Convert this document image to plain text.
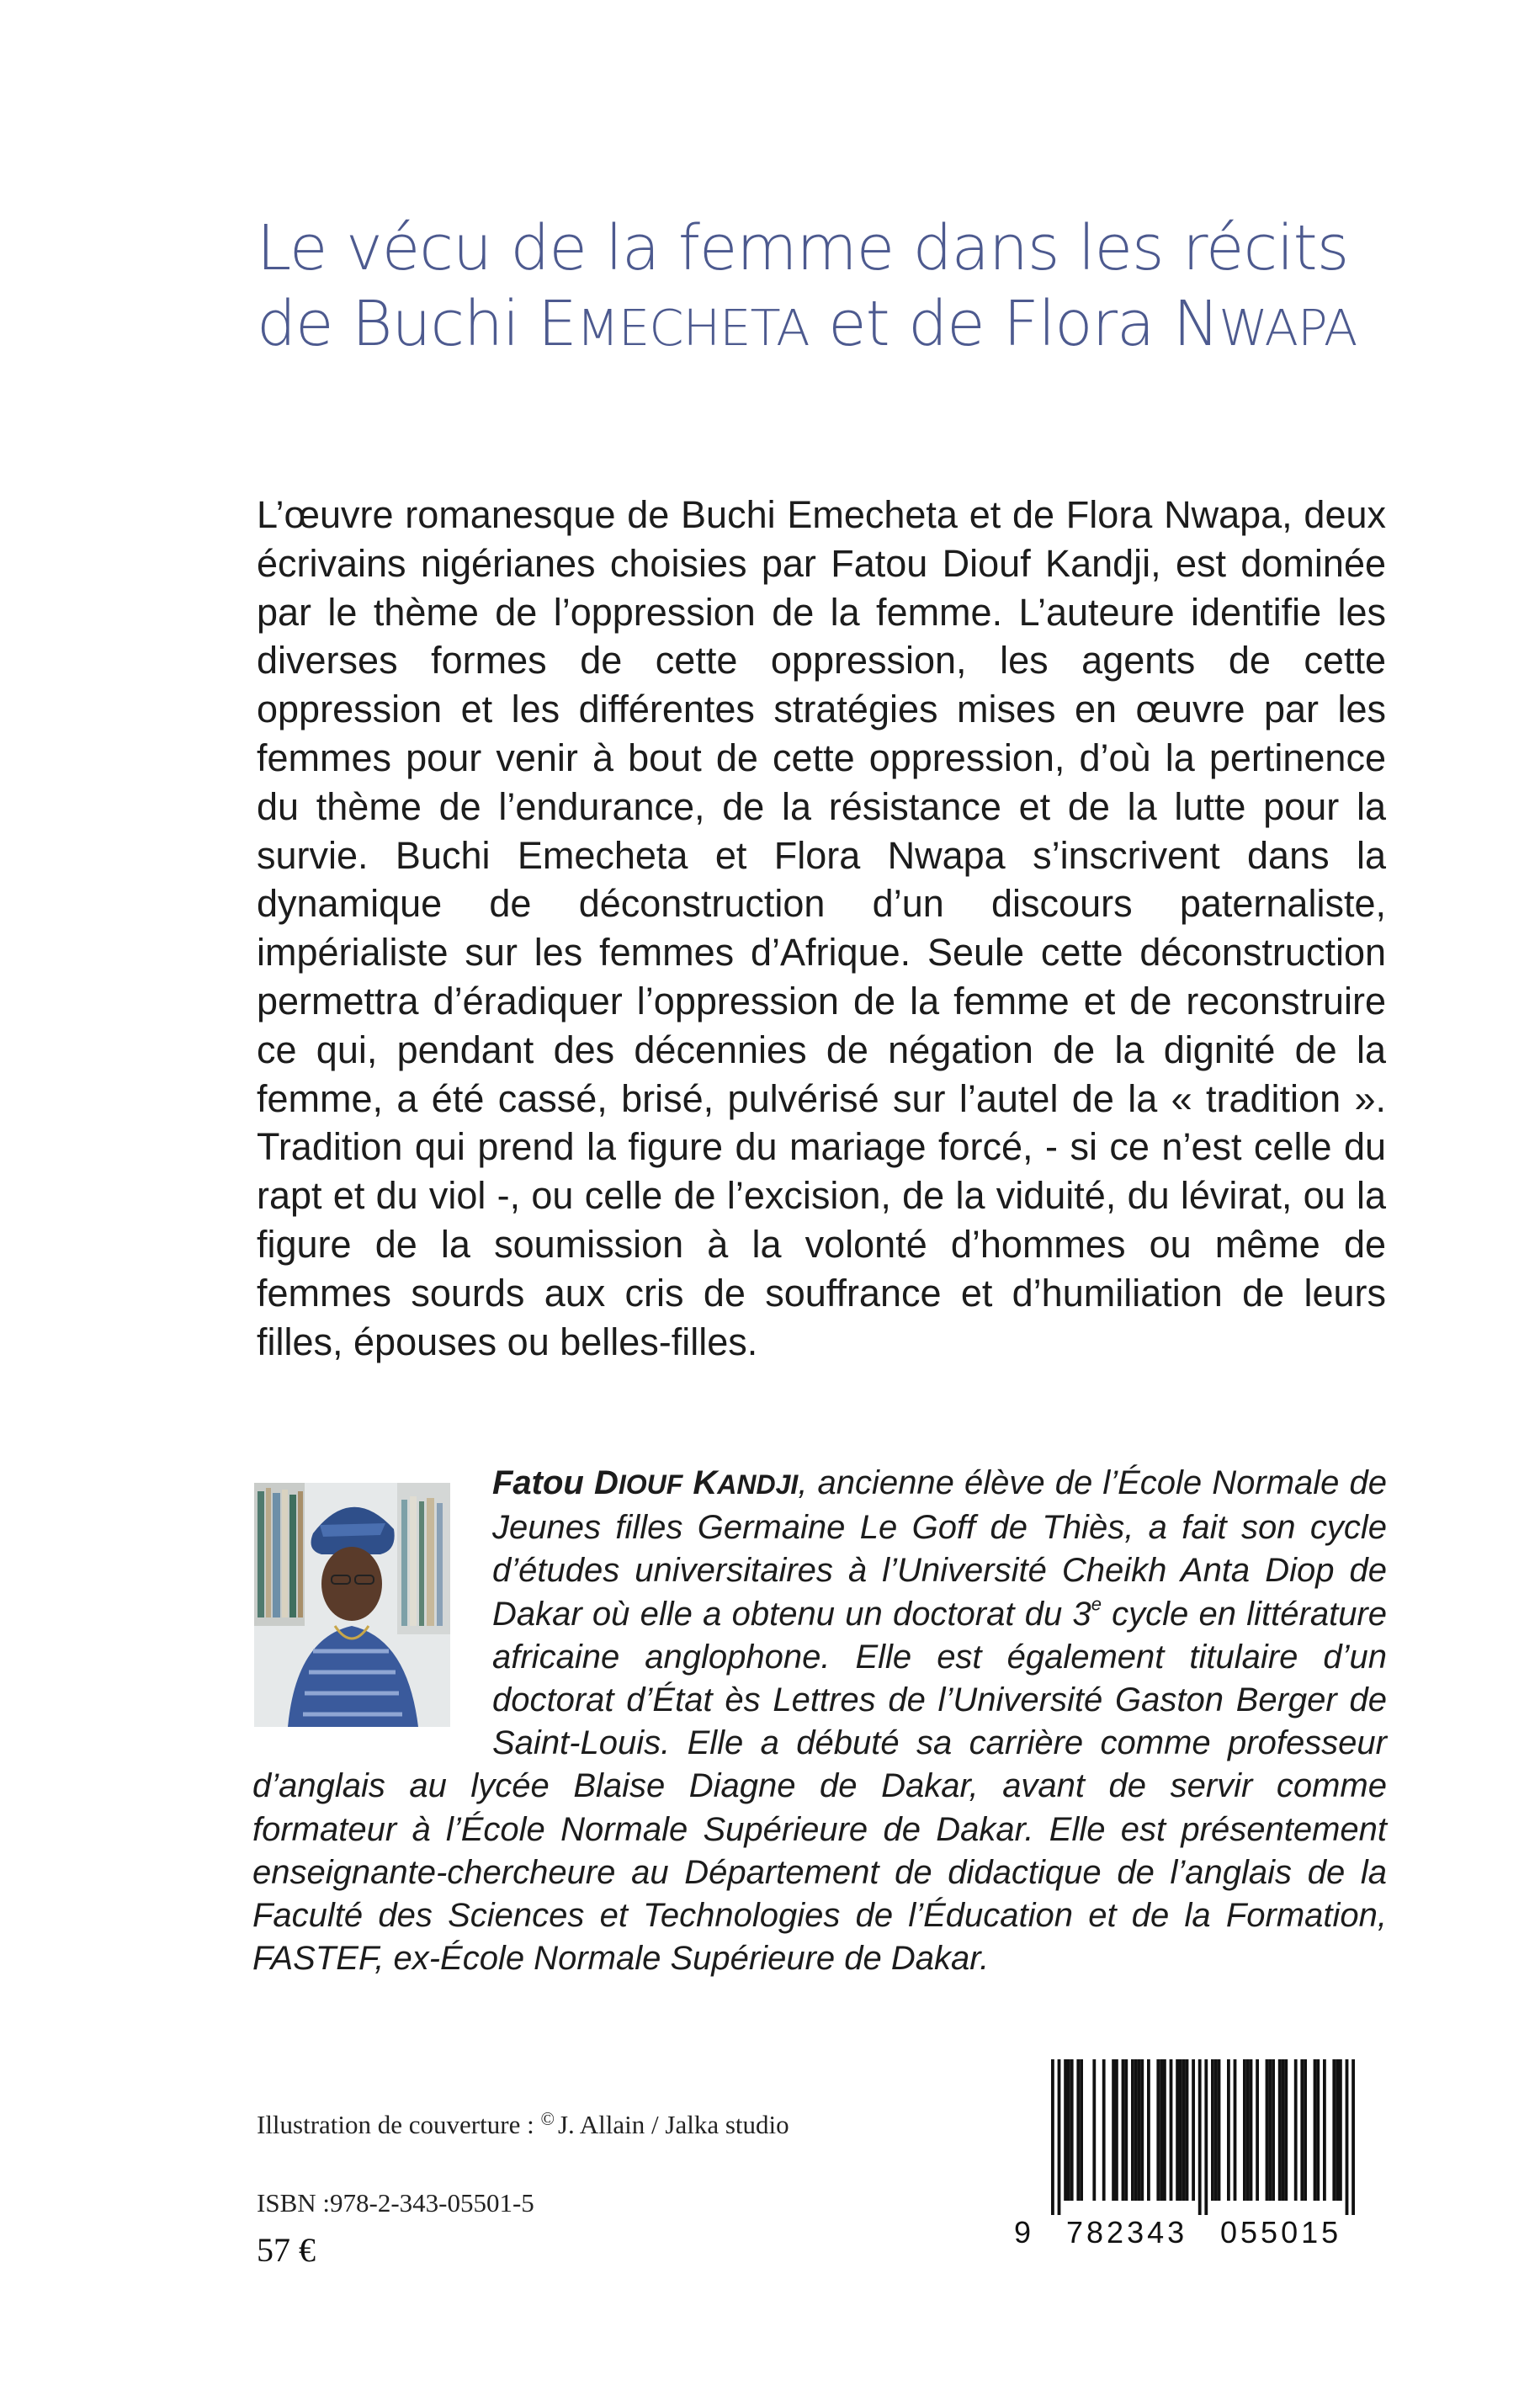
Le vécu de la femme dans les récits
de Buchi EMECHETA et de Flora NWAPA

L’œuvre romanesque de Buchi Emecheta et de Flora Nwapa, deux écrivains nigérianes choisies par Fatou Diouf Kandji, est dominée par le thème de l’oppression de la femme. L’auteure identifie les diverses formes de cette oppression, les agents de cette oppression et les différentes stratégies mises en œuvre par les femmes pour venir à bout de cette oppression, d’où la pertinence du thème de l’endurance, de la résistance et de la lutte pour la survie. Buchi Emecheta et Flora Nwapa s’inscrivent dans la dynamique de déconstruction d’un discours paternaliste, impérialiste sur les femmes d’Afrique. Seule cette déconstruction permettra d’éradiquer l’oppression de la femme et de reconstruire ce qui, pendant des décennies de négation de la dignité de la femme, a été cassé, brisé, pulvérisé sur l’autel de la « tradition ». Tradition qui prend la figure du mariage forcé, - si ce n’est celle du rapt et du viol -, ou celle de l’excision, de la viduité, du lévirat, ou la figure de la soumission à la volonté d’hommes ou même de femmes sourds aux cris de souffrance et d’humiliation de leurs filles, épouses ou belles-filles.

Fatou DIOUF KANDJI, ancienne élève de l’École Normale de Jeunes filles Germaine Le Goff de Thiès, a fait son cycle d’études universitaires à l’Université Cheikh Anta Diop de Dakar où elle a obtenu un doctorat du 3e cycle en littérature africaine anglophone. Elle est également titulaire d’un doctorat d’État ès Lettres de l’Université Gaston Berger de Saint-Louis. Elle a débuté sa carrière comme professeur d’anglais au lycée Blaise Diagne de Dakar, avant de servir comme formateur à l’École Normale Supérieure de Dakar. Elle est présentement enseignante-chercheure au Département de didactique de l’anglais de la Faculté des Sciences et Technologies de l’Éducation et de la Formation, FASTEF, ex-École Normale Supérieure de Dakar.

Illustration de couverture : © J. Allain / Jalka studio
ISBN :978-2-343-05501-5
57 €	9 782343 055015
